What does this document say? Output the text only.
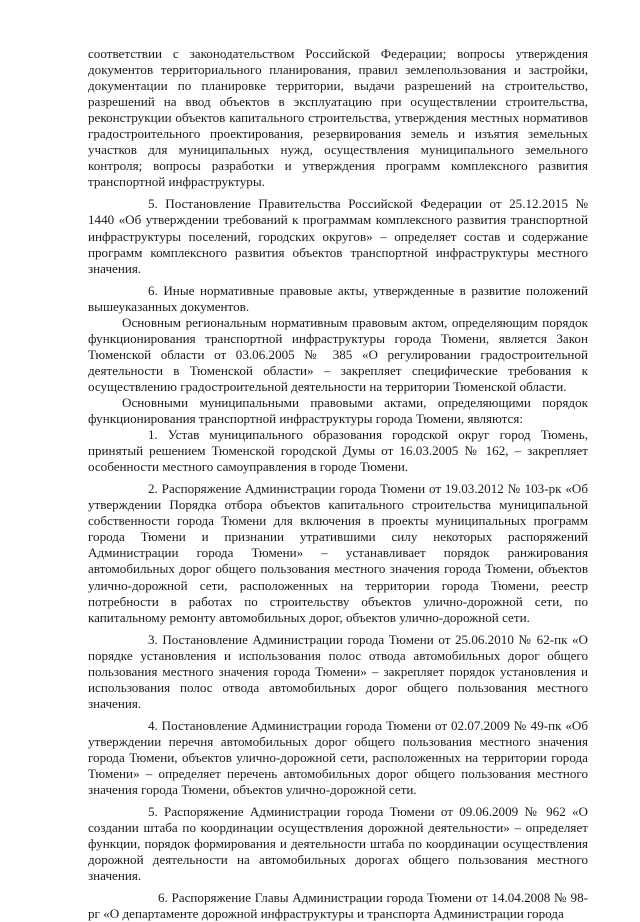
соответствии с законодательством Российской Федерации; вопросы утверждения документов территориального планирования, правил землепользования и застройки, документации по планировке территории, выдачи разрешений на строительство, разрешений на ввод объектов в эксплуатацию при осуществлении строительства, реконструкции объектов капитального строительства, утверждения местных нормативов градостроительного проектирования, резервирования земель и изъятия земельных участков для муниципальных нужд, осуществления муниципального земельного контроля; вопросы разработки и утверждения программ комплексного развития транспортной инфраструктуры.

5. Постановление Правительства Российской Федерации от 25.12.2015 № 1440 «Об утверждении требований к программам комплексного развития транспортной инфраструктуры поселений, городских округов» – определяет состав и содержание программ комплексного развития объектов транспортной инфраструктуры местного значения.

6. Иные нормативные правовые акты, утвержденные в развитие положений вышеуказанных документов.

Основным региональным нормативным правовым актом, определяющим порядок функционирования транспортной инфраструктуры города Тюмени, является Закон Тюменской области от 03.06.2005 № 385 «О регулировании градостроительной деятельности в Тюменской области» – закрепляет специфические требования к осуществлению градостроительной деятельности на территории Тюменской области.

Основными муниципальными правовыми актами, определяющими порядок функционирования транспортной инфраструктуры города Тюмени, являются:

1. Устав муниципального образования городской округ город Тюмень, принятый решением Тюменской городской Думы от 16.03.2005 № 162, – закрепляет особенности местного самоуправления в городе Тюмени.

2. Распоряжение Администрации города Тюмени от 19.03.2012 № 103-рк «Об утверждении Порядка отбора объектов капитального строительства муниципальной собственности города Тюмени для включения в проекты муниципальных программ города Тюмени и признании утратившими силу некоторых распоряжений Администрации города Тюмени» – устанавливает порядок ранжирования автомобильных дорог общего пользования местного значения города Тюмени, объектов улично-дорожной сети, расположенных на территории города Тюмени, реестр потребности в работах по строительству объектов улично-дорожной сети, по капитальному ремонту автомобильных дорог, объектов улично-дорожной сети.

3. Постановление Администрации города Тюмени от 25.06.2010 № 62-пк «О порядке установления и использования полос отвода автомобильных дорог общего пользования местного значения города Тюмени» – закрепляет порядок установления и использования полос отвода автомобильных дорог общего пользования местного значения.

4. Постановление Администрации города Тюмени от 02.07.2009 № 49-пк «Об утверждении перечня автомобильных дорог общего пользования местного значения города Тюмени, объектов улично-дорожной сети, расположенных на территории города Тюмени» – определяет перечень автомобильных дорог общего пользования местного значения города Тюмени, объектов улично-дорожной сети.

5. Распоряжение Администрации города Тюмени от 09.06.2009 № 962 «О создании штаба по координации осуществления дорожной деятельности» – определяет функции, порядок формирования и деятельности штаба по координации осуществления дорожной деятельности на автомобильных дорогах общего пользования местного значения.

6. Распоряжение Главы Администрации города Тюмени от 14.04.2008 № 98-рг «О департаменте дорожной инфраструктуры и транспорта Администрации города
